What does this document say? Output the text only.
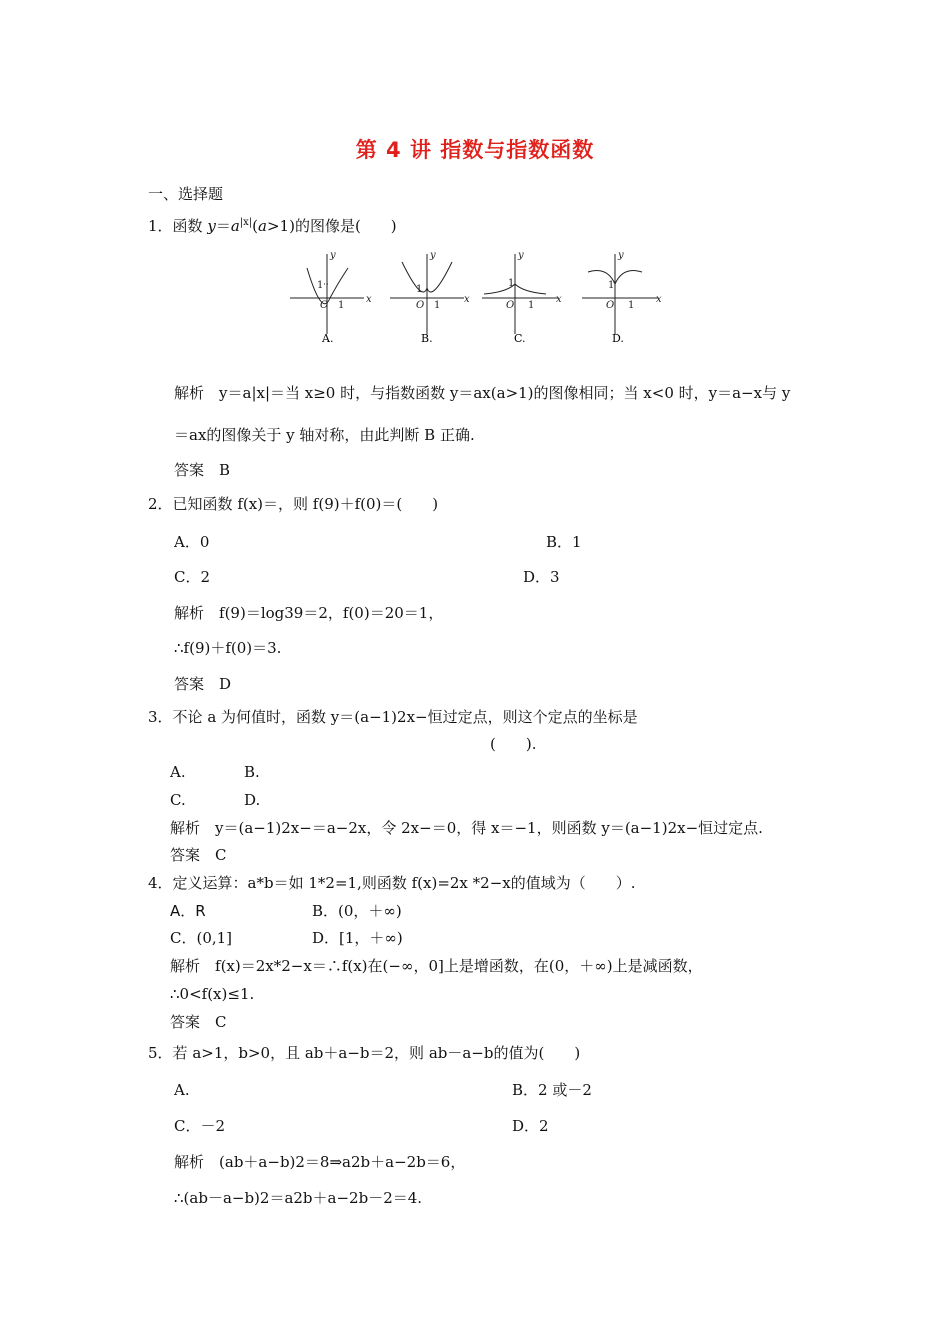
第 4 讲 指数与指数函数
一、选择题
1．函数 $y=a^{|x|}(a>1)$的图像是(　　)
1
O 1
x
y
A.
1
O 1
x
y
B.
1
O 1
x
y
C.
1
O 1
x
y
D.
解析　 y＝a|x|＝当 x≥0 时，与指数函数 y＝ax(a>1)的图像相同；当 x<0 时，y＝a−x与 y
＝ax的图像关于 y 轴对称，由此判断 B 正确.
答案　 B
2．已知函数 f(x)＝，则 f(9)＋f(0)＝(　　)
A．0	B．1
C．2	D．3
解析　 f(9)＝log39＝2，f(0)＝20＝1，
∴f(9)＋f(0)＝3.
答案　 D
3．不论 a 为何值时，函数 y＝(a−1)2x−恒过定点，则这个定点的坐标是
(　　).
A.	B.
C.	D.
解析　 y＝(a−1)2x−＝a−2x，令 2x−＝0，得 x＝−1，则函数 y＝(a−1)2x−恒过定点.
答案　 C
4．定义运算：a*b＝如 1*2=1,则函数 f(x)=2x *2−x的值域为（　　）.
A．R	B．(0，＋∞)
C．(0,1]	D．[1，＋∞)
解析　 f(x)＝2x*2−x＝∴f(x)在(−∞，0]上是增函数，在(0，＋∞)上是减函数，
∴0<f(x)≤1.
答案　 C
5．若 a>1，b>0，且 ab＋a−b＝2，则 ab－a−b的值为(　　)
A.	B．2 或－2
C．－2	D．2
解析　 (ab＋a−b)2＝8⇒a2b＋a−2b＝6，
∴(ab－a−b)2＝a2b＋a−2b－2＝4.
